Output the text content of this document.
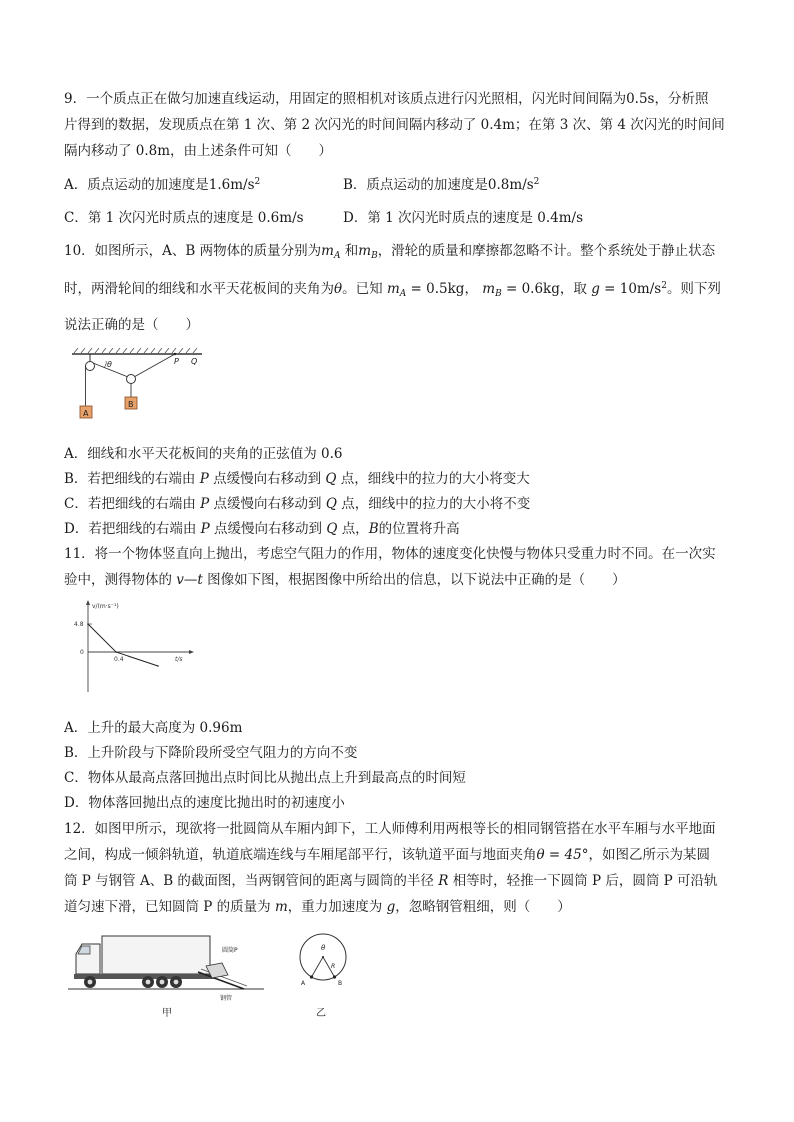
9．一个质点正在做匀加速直线运动，用固定的照相机对该质点进行闪光照相，闪光时间间隔为0.5s，分析照
片得到的数据，发现质点在第 1 次、第 2 次闪光的时间间隔内移动了 0.4m；在第 3 次、第 4 次闪光的时间间
隔内移动了 0.8m，由上述条件可知（　　）
A．质点运动的加速度是$1.6m/s^2$	B．质点运动的加速度是$0.8m/s^2$
C．第 1 次闪光时质点的速度是 0.6m/s	D．第 1 次闪光时质点的速度是 0.4m/s
10．如图所示，A、B 两物体的质量分别为$m_A$ 和$m_B$，滑轮的质量和摩擦都忽略不计。整个系统处于静止状态
时，两滑轮间的细线和水平天花板间的夹角为θ。已知 $m_A = 0.5kg$， $m_B = 0.6kg$，取 $g = 10m/s^2$。则下列
说法正确的是（　　）
A
B
θ	P Q
A．细线和水平天花板间的夹角的正弦值为 0.6
B．若把细线的右端由 P 点缓慢向右移动到 Q 点，细线中的拉力的大小将变大
C．若把细线的右端由 P 点缓慢向右移动到 Q 点，细线中的拉力的大小将不变
D．若把细线的右端由 P 点缓慢向右移动到 Q 点，B的位置将升高
11．将一个物体竖直向上抛出，考虑空气阻力的作用，物体的速度变化快慢与物体只受重力时不同。在一次实
验中，测得物体的 v—t 图像如下图，根据图像中所给出的信息，以下说法中正确的是（　　）
v/(m·s⁻¹)
t/s
4.8
0
0.4
A．上升的最大高度为 0.96m
B．上升阶段与下降阶段所受空气阻力的方向不变
C．物体从最高点落回抛出点时间比从抛出点上升到最高点的时间短
D．物体落回抛出点的速度比抛出时的初速度小
12．如图甲所示，现欲将一批圆筒从车厢内卸下，工人师傅利用两根等长的相同钢管搭在水平车厢与水平地面
之间，构成一倾斜轨道，轨道底端连线与车厢尾部平行，该轨道平面与地面夹角θ = 45°，如图乙所示为某圆
筒 P 与钢管 A、B 的截面图，当两钢管间的距离与圆筒的半径 R 相等时，轻推一下圆筒 P 后，圆筒 P 可沿轨
道匀速下滑，已知圆筒 P 的质量为 m，重力加速度为 g，忽略钢管粗细，则（　　）
圆筒P
钢管
甲
θ
R
A	B
乙
